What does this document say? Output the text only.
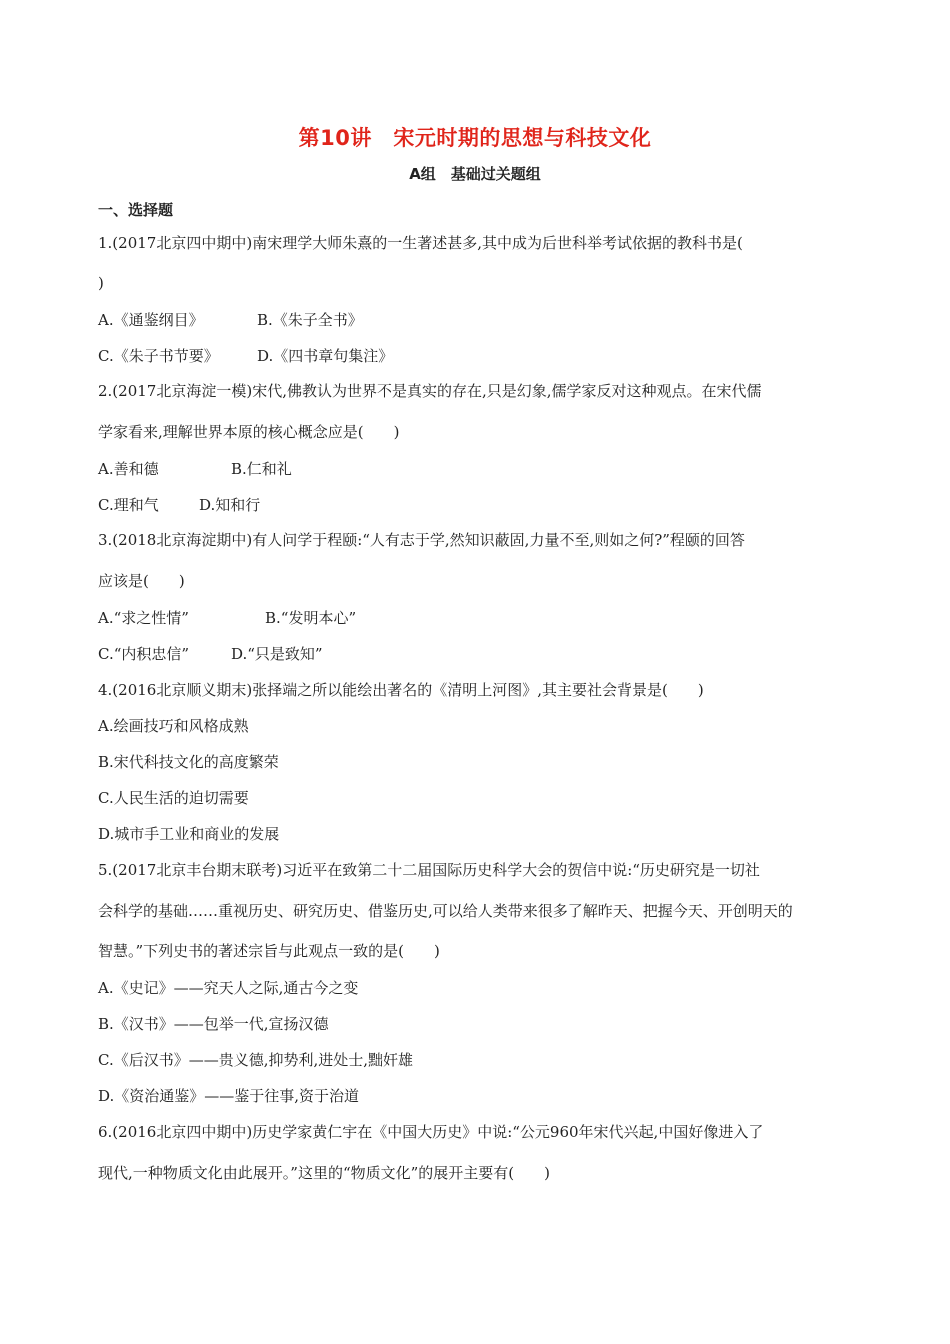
第10讲　宋元时期的思想与科技文化
A组　基础过关题组
一、选择题
1.(2017北京四中期中)南宋理学大师朱熹的一生著述甚多,其中成为后世科举考试依据的教科书是(
)
A.《通鉴纲目》	B.《朱子全书》
C.《朱子书节要》	D.《四书章句集注》
2.(2017北京海淀一模)宋代,佛教认为世界不是真实的存在,只是幻象,儒学家反对这种观点。在宋代儒
学家看来,理解世界本原的核心概念应是(　　)
A.善和德	B.仁和礼
C.理和气	D.知和行
3.(2018北京海淀期中)有人问学于程颐:“人有志于学,然知识蔽固,力量不至,则如之何?”程颐的回答
应该是(　　)
A.“求之性情”	B.“发明本心”
C.“内积忠信”	D.“只是致知”
4.(2016北京顺义期末)张择端之所以能绘出著名的《清明上河图》,其主要社会背景是(　　)
A.绘画技巧和风格成熟
B.宋代科技文化的高度繁荣
C.人民生活的迫切需要
D.城市手工业和商业的发展
5.(2017北京丰台期末联考)习近平在致第二十二届国际历史科学大会的贺信中说:“历史研究是一切社
会科学的基础……重视历史、研究历史、借鉴历史,可以给人类带来很多了解昨天、把握今天、开创明天的
智慧。”下列史书的著述宗旨与此观点一致的是(　　)
A.《史记》——究天人之际,通古今之变
B.《汉书》——包举一代,宣扬汉德
C.《后汉书》——贵义德,抑势利,进处士,黜奸雄
D.《资治通鉴》——鉴于往事,资于治道
6.(2016北京四中期中)历史学家黄仁宇在《中国大历史》中说:“公元960年宋代兴起,中国好像进入了
现代,一种物质文化由此展开。”这里的“物质文化”的展开主要有(　　)
